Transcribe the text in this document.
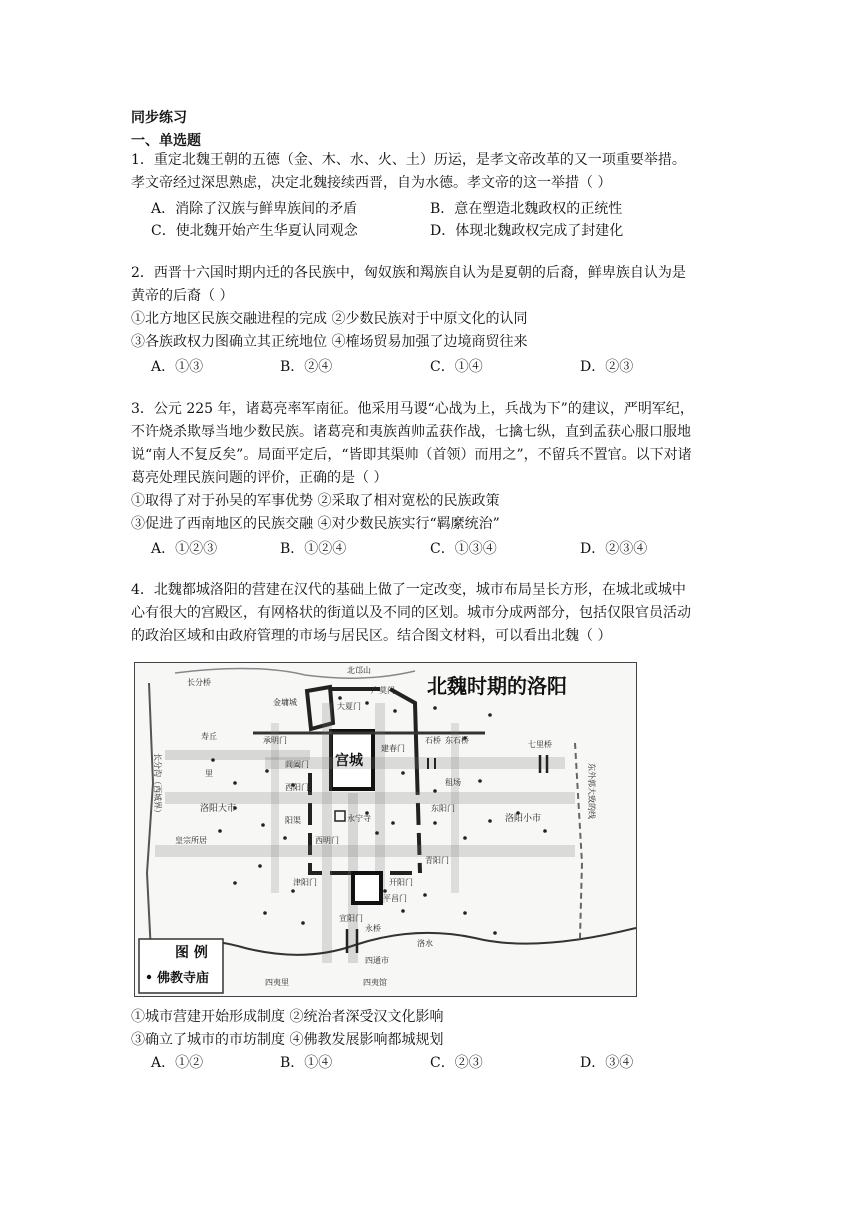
同步练习
一、单选题
1．重定北魏王朝的五德（金、木、水、火、土）历运，是孝文帝改革的又一项重要举措。
孝文帝经过深思熟虑，决定北魏接续西晋，自为水德。孝文帝的这一举措（ ）
A．消除了汉族与鲜卑族间的矛盾	B．意在塑造北魏政权的正统性
C．使北魏开始产生华夏认同观念	D．体现北魏政权完成了封建化
2．西晋十六国时期内迁的各民族中，匈奴族和羯族自认为是夏朝的后裔，鲜卑族自认为是
黄帝的后裔（ ）
①北方地区民族交融进程的完成 ②少数民族对于中原文化的认同
③各族政权力图确立其正统地位 ④榷场贸易加强了边境商贸往来
A．①③	B．②④	C．①④	D．②③
3．公元 225 年，诸葛亮率军南征。他采用马谡“心战为上，兵战为下”的建议，严明军纪，
不许烧杀欺辱当地少数民族。诸葛亮和夷族酋帅孟获作战，七擒七纵，直到孟获心服口服地
说“南人不复反矣”。局面平定后，“皆即其渠帅（首领）而用之”，不留兵不置官。以下对诸
葛亮处理民族问题的评价，正确的是（ ）
①取得了对于孙吴的军事优势 ②采取了相对宽松的民族政策
③促进了西南地区的民族交融 ④对少数民族实行“羁縻统治”
A．①②③	B．①②④	C．①③④	D．②③④
4．北魏都城洛阳的营建在汉代的基础上做了一定改变，城市布局呈长方形，在城北或城中
心有很大的宫殿区，有网格状的街道以及不同的区划。城市分成两部分，包括仅限官员活动
的政治区域和由政府管理的市场与居民区。结合图文材料，可以看出北魏（ ）
北魏时期的洛阳
北邙山
长分桥
金墉城
广莫门
大夏门
寿丘	承明门
阊阖门 宫城
建春门
石桥 东石桥	七里桥
里
西阳门
租场
东阳门
洛阳大市
洛阳小市
阳渠	永宁寺
皇宗所居	西明门
青阳门
津阳门	开阳门
平昌门
宣阳门
永桥
洛水
四通市
四夷里	四夷馆
长分沟（西城界）	东外郭大致的线
图 例
佛教寺庙
①城市营建开始形成制度 ②统治者深受汉文化影响
③确立了城市的市坊制度 ④佛教发展影响都城规划
A．①②	B．①④	C．②③	D．③④
